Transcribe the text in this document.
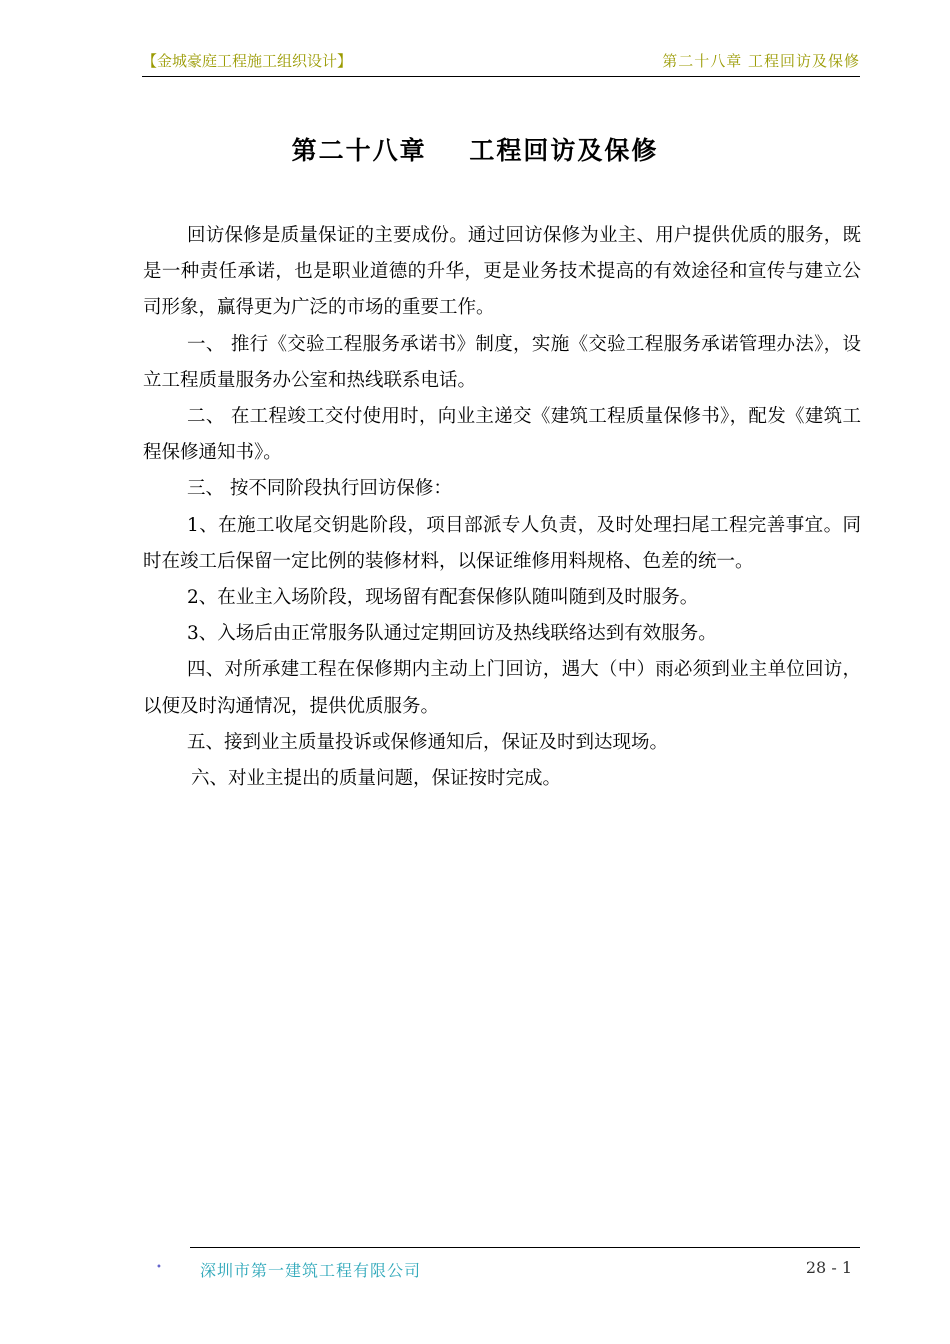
【金城豪庭工程施工组织设计】	第二十八章 工程回访及保修
第二十八章    工程回访及保修

回访保修是质量保证的主要成份。通过回访保修为业主、用户提供优质的服务，既是一种责任承诺，也是职业道德的升华，更是业务技术提高的有效途径和宣传与建立公司形象，赢得更为广泛的市场的重要工作。

一、 推行《交验工程服务承诺书》制度，实施《交验工程服务承诺管理办法》，设立工程质量服务办公室和热线联系电话。

二、 在工程竣工交付使用时，向业主递交《建筑工程质量保修书》，配发《建筑工程保修通知书》。

三、 按不同阶段执行回访保修：

1、在施工收尾交钥匙阶段，项目部派专人负责，及时处理扫尾工程完善事宜。同时在竣工后保留一定比例的装修材料，以保证维修用料规格、色差的统一。

2、在业主入场阶段，现场留有配套保修队随叫随到及时服务。

3、入场后由正常服务队通过定期回访及热线联络达到有效服务。

四、对所承建工程在保修期内主动上门回访，遇大（中）雨必须到业主单位回访，以便及时沟通情况，提供优质服务。

五、接到业主质量投诉或保修通知后，保证及时到达现场。

六、对业主提出的质量问题，保证按时完成。

• 深圳市第一建筑工程有限公司	28 - 1
